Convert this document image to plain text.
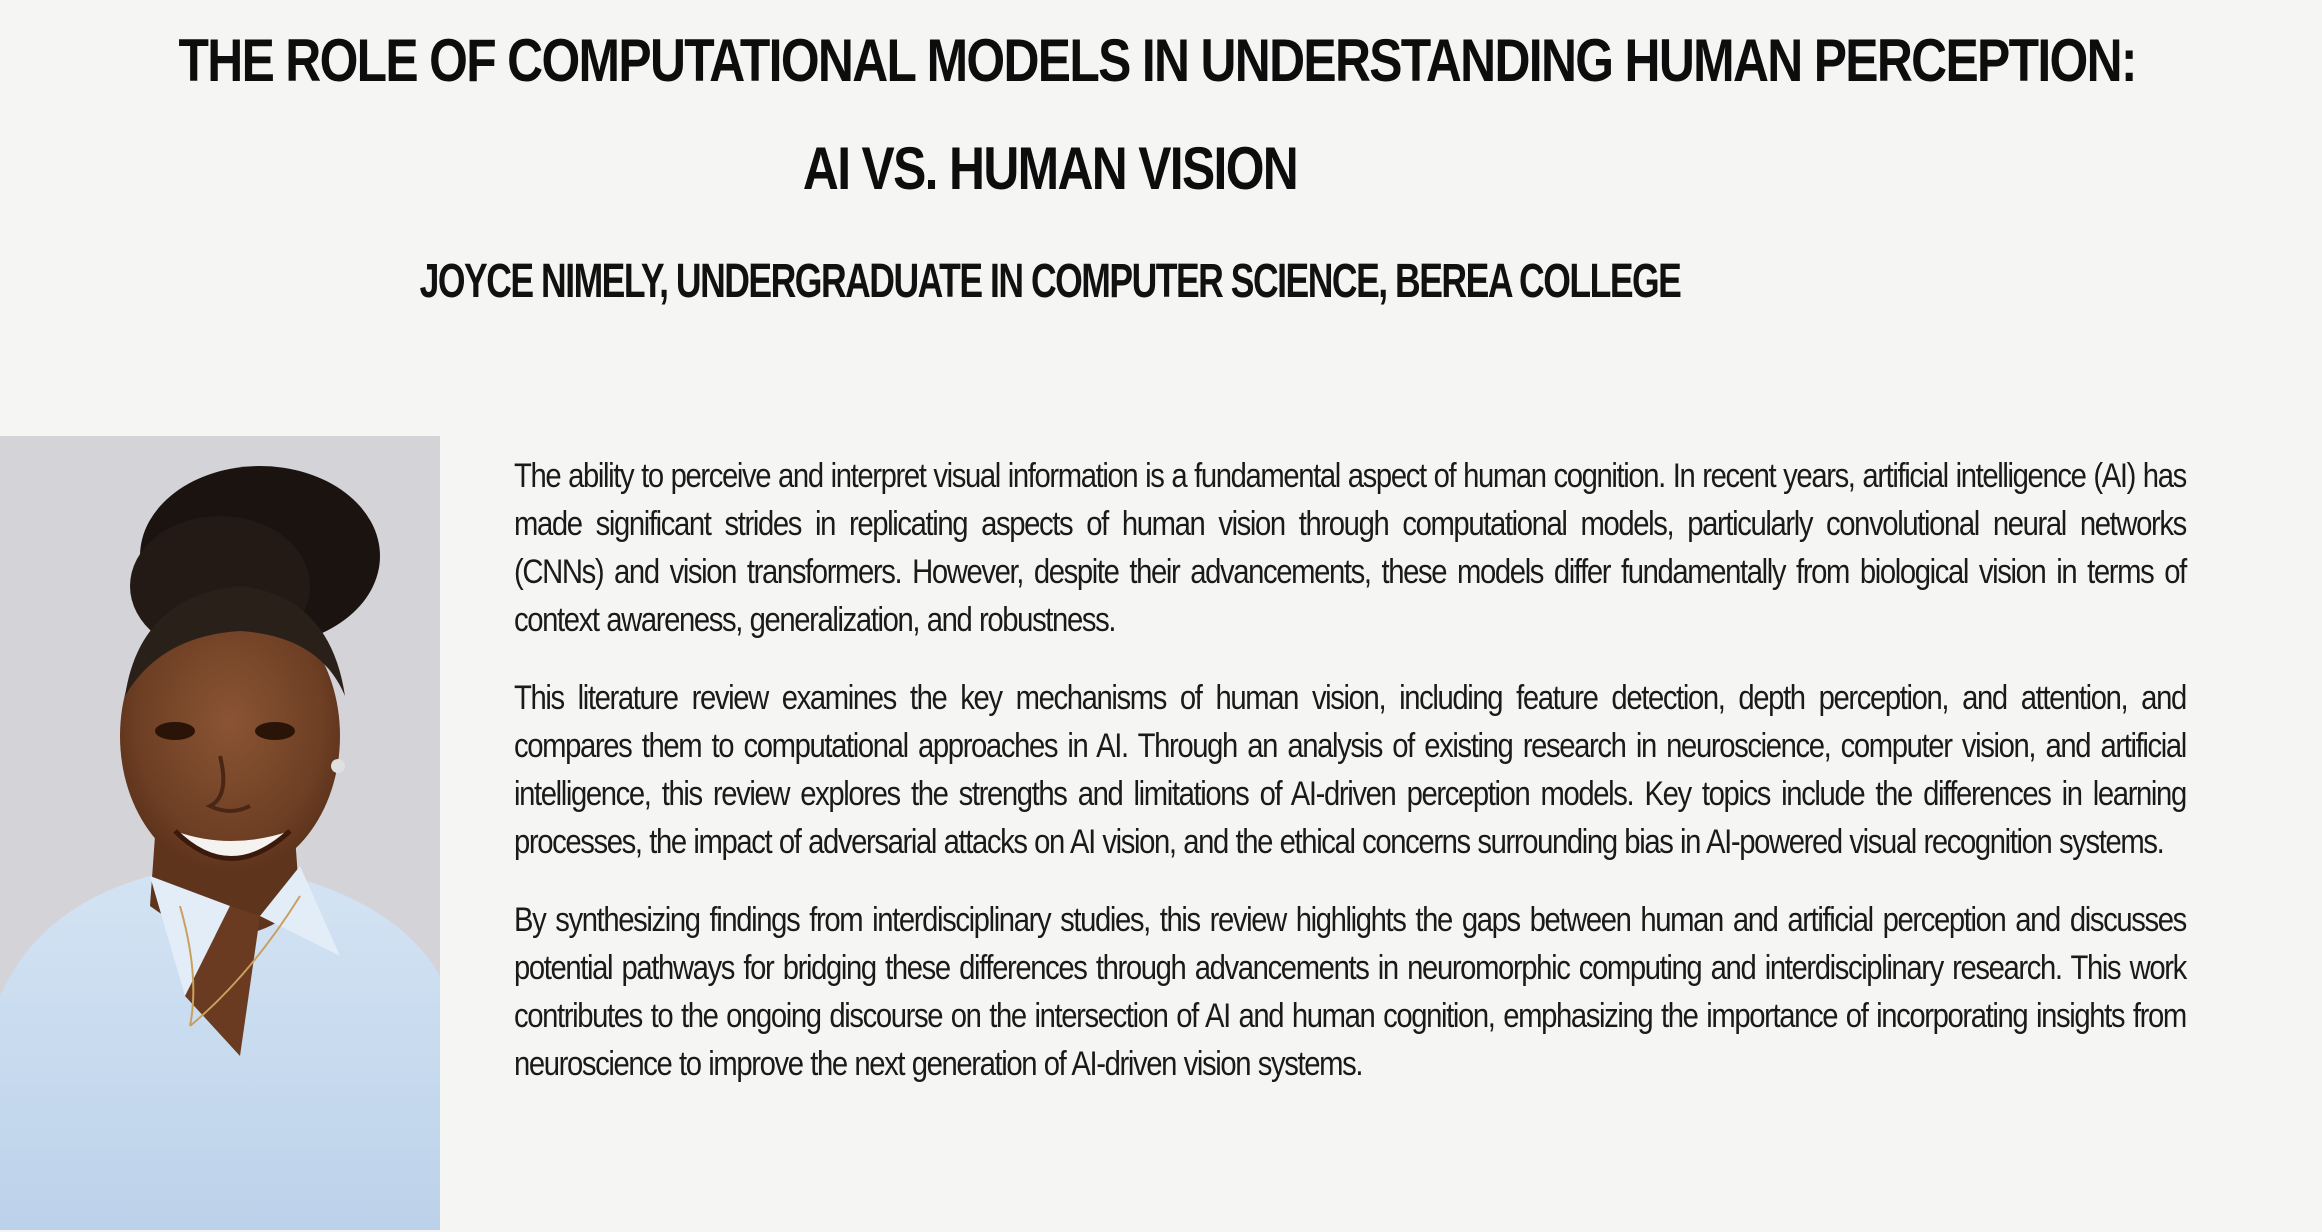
THE ROLE OF COMPUTATIONAL MODELS IN UNDERSTANDING HUMAN PERCEPTION:
AI VS. HUMAN VISION
JOYCE NIMELY, UNDERGRADUATE IN COMPUTER SCIENCE, BEREA COLLEGE

The ability to perceive and interpret visual information is a fundamental aspect of human cognition. In recent years, artificial intelligence (AI) has made significant strides in replicating aspects of human vision through computational models, particularly convolutional neural networks (CNNs) and vision transformers. However, despite their advancements, these models differ fundamentally from biological vision in terms of context awareness, generalization, and robustness.

This literature review examines the key mechanisms of human vision, including feature detection, depth perception, and attention, and compares them to computational approaches in AI. Through an analysis of existing research in neuroscience, computer vision, and artificial intelligence, this review explores the strengths and limitations of AI-driven perception models. Key topics include the differences in learning processes, the impact of adversarial attacks on AI vision, and the ethical concerns surrounding bias in AI-powered visual recognition systems.

By synthesizing findings from interdisciplinary studies, this review highlights the gaps between human and artificial perception and discusses potential pathways for bridging these differences through advancements in neuromorphic computing and interdisciplinary research. This work contributes to the ongoing discourse on the intersection of AI and human cognition, emphasizing the importance of incorporating insights from neuroscience to improve the next generation of AI-driven vision systems.
